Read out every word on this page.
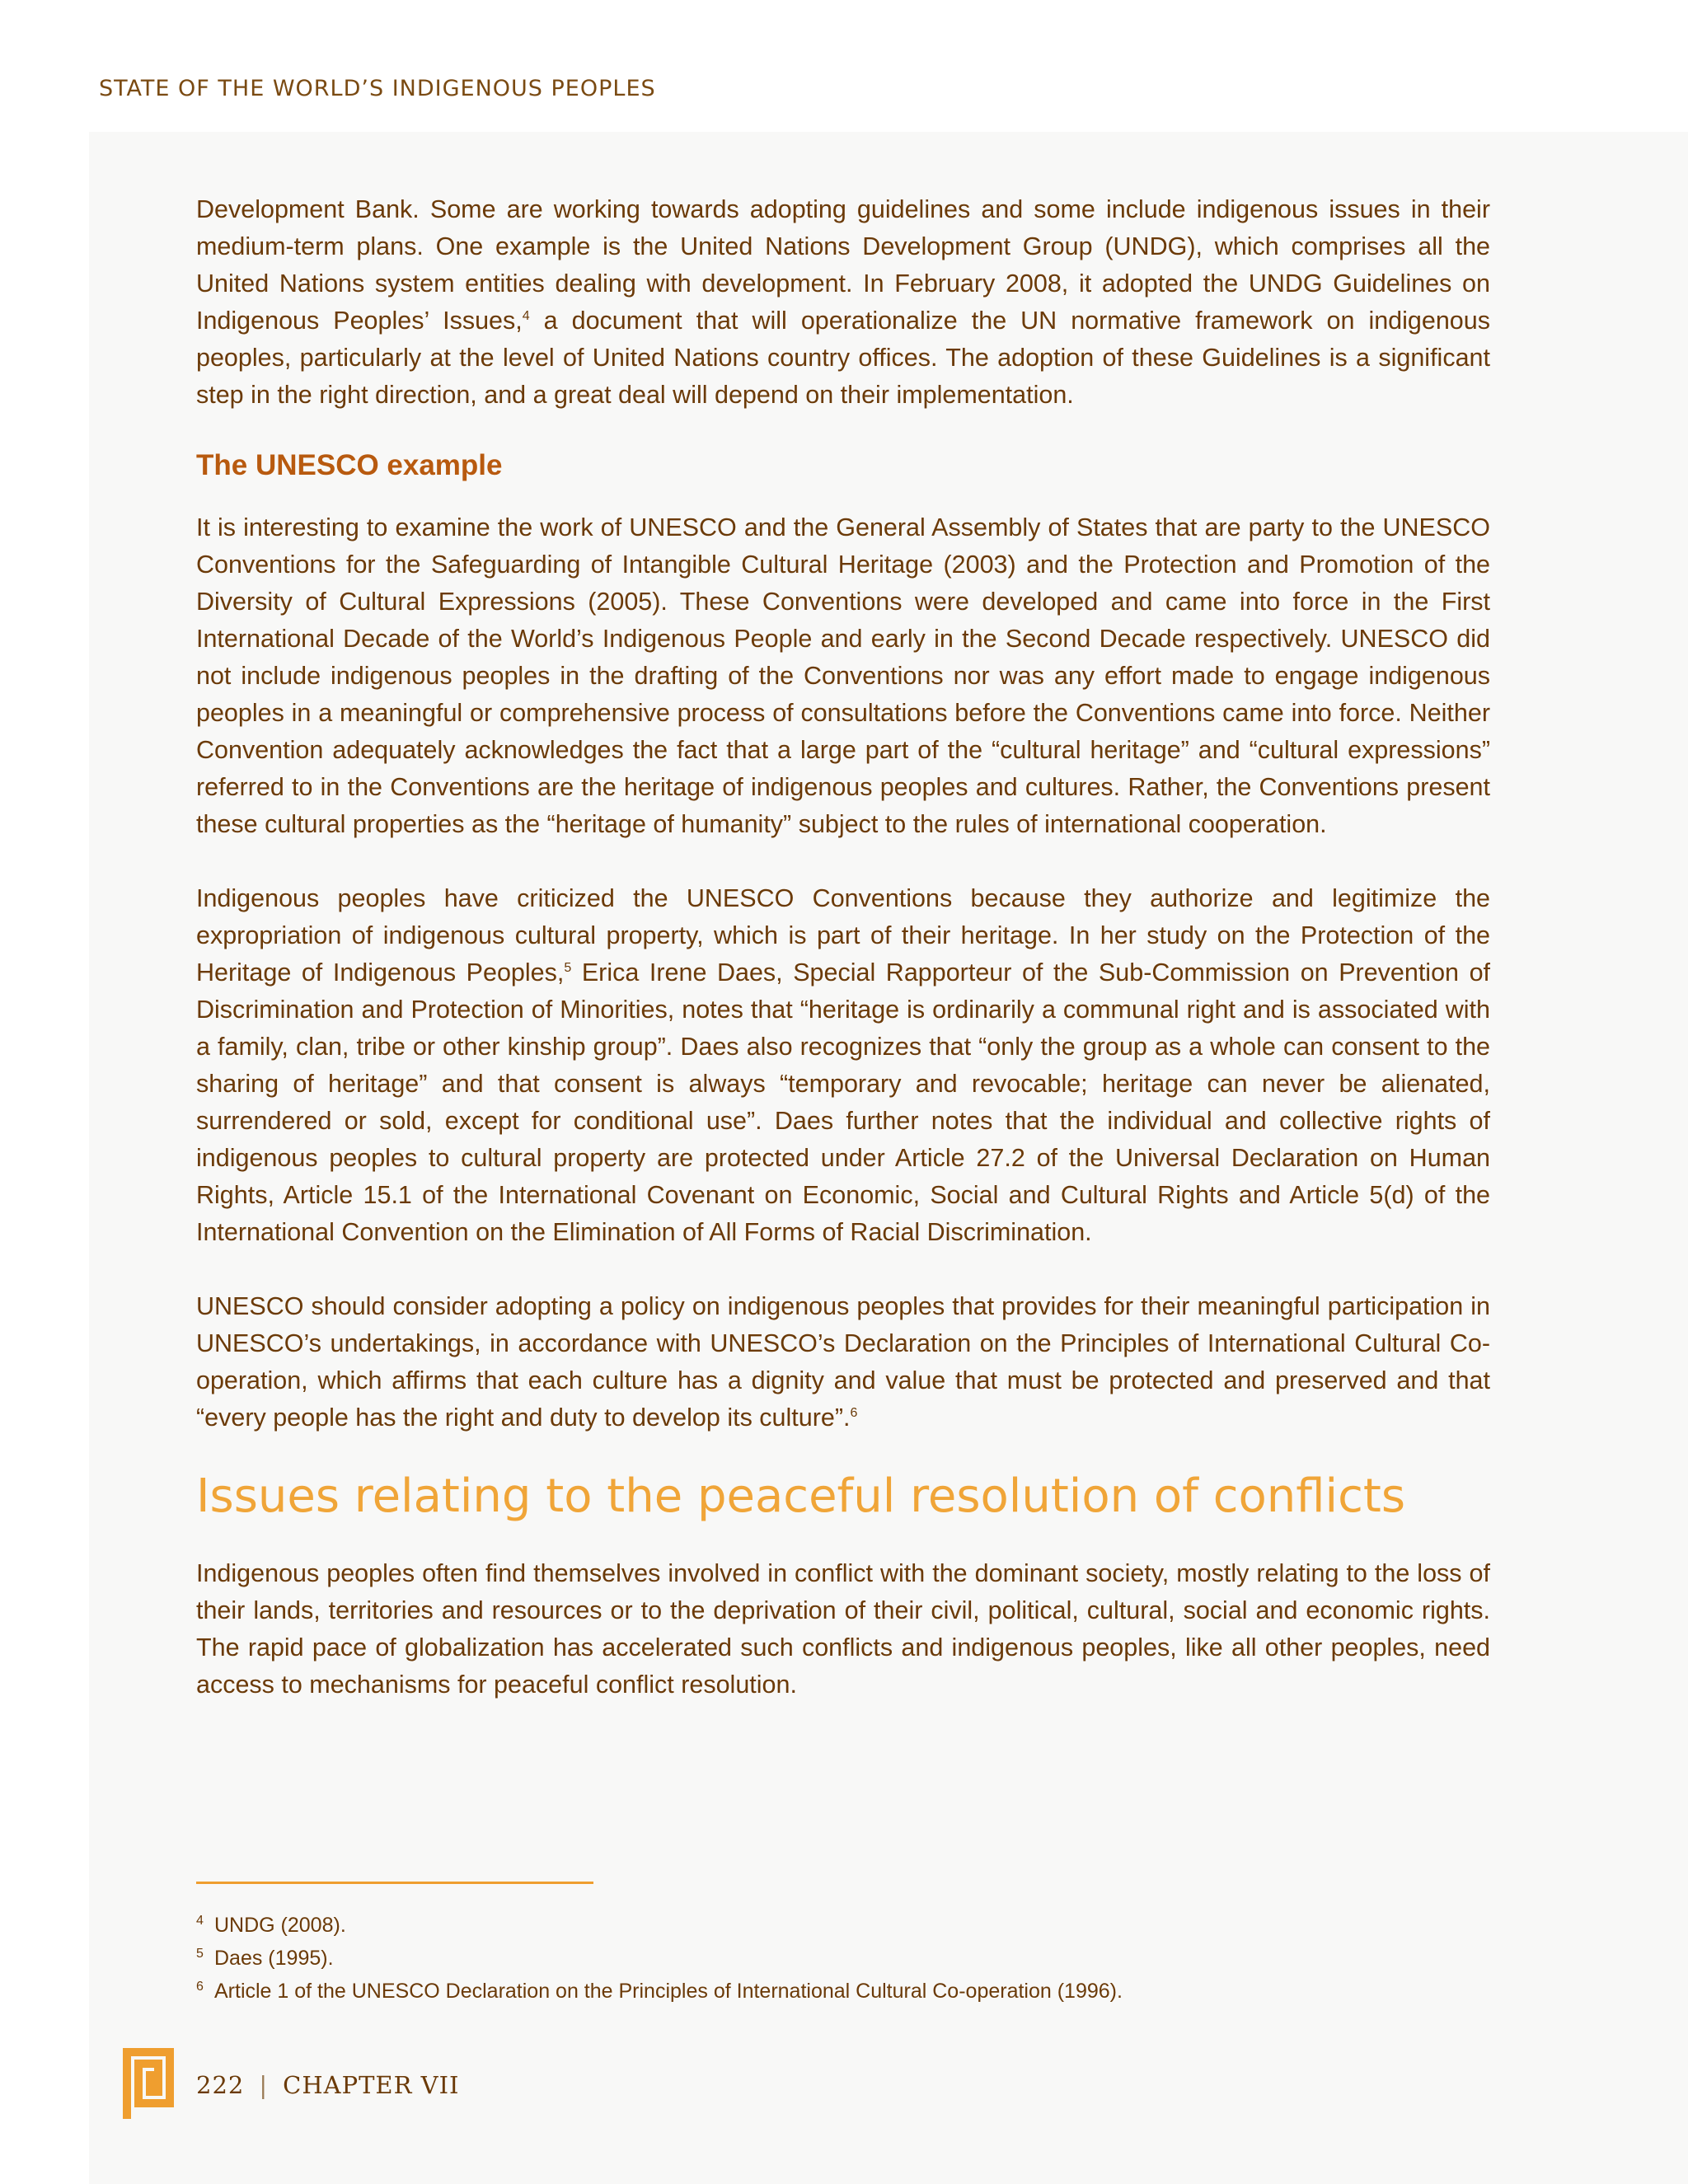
STATE OF THE WORLD’S INDIGENOUS PEOPLES

Development Bank. Some are working towards adopting guidelines and some include indigenous issues in their medium-term plans. One example is the United Nations Development Group (UNDG), which comprises all the United Nations system entities dealing with development. In February 2008, it adopted the UNDG Guidelines on Indigenous Peoples’ Issues,$^4$ a document that will operationalize the UN normative framework on indigenous peoples, particularly at the level of United Nations country offices. The adoption of these Guidelines is a significant step in the right direction, and a great deal will depend on their implementation.

The UNESCO example

It is interesting to examine the work of UNESCO and the General Assembly of States that are party to the UNESCO Conventions for the Safeguarding of Intangible Cultural Heritage (2003) and the Protection and Promotion of the Diversity of Cultural Expressions (2005). These Conventions were developed and came into force in the First International Decade of the World’s Indigenous People and early in the Second Decade respectively. UNESCO did not include indigenous peoples in the drafting of the Conventions nor was any effort made to engage indigenous peoples in a meaningful or comprehensive process of consultations before the Conventions came into force. Neither Convention adequately acknowledges the fact that a large part of the “cultural heritage” and “cultural expressions” referred to in the Conventions are the heritage of indigenous peoples and cultures. Rather, the Conventions present these cultural properties as the “heritage of humanity” subject to the rules of international cooperation.

Indigenous peoples have criticized the UNESCO Conventions because they authorize and legitimize the expropriation of indigenous cultural property, which is part of their heritage. In her study on the Protection of the Heritage of Indigenous Peoples,$^5$ Erica Irene Daes, Special Rapporteur of the Sub-Commission on Prevention of Discrimination and Protection of Minorities, notes that “heritage is ordinarily a communal right and is associated with a family, clan, tribe or other kinship group”. Daes also recognizes that “only the group as a whole can consent to the sharing of heritage” and that consent is always “temporary and revocable; heritage can never be alienated, surrendered or sold, except for conditional use”. Daes further notes that the individual and collective rights of indigenous peoples to cultural property are protected under Article 27.2 of the Universal Declaration on Human Rights, Article 15.1 of the International Covenant on Economic, Social and Cultural Rights and Article 5(d) of the International Convention on the Elimination of All Forms of Racial Discrimination.

UNESCO should consider adopting a policy on indigenous peoples that provides for their meaningful participation in UNESCO’s undertakings, in accordance with UNESCO’s Declaration on the Principles of International Cultural Co-operation, which affirms that each culture has a dignity and value that must be protected and preserved and that “every people has the right and duty to develop its culture”.$^6$

Issues relating to the peaceful resolution of conflicts

Indigenous peoples often find themselves involved in conflict with the dominant society, mostly relating to the loss of their lands, territories and resources or to the deprivation of their civil, political, cultural, social and economic rights. The rapid pace of globalization has accelerated such conflicts and indigenous peoples, like all other peoples, need access to mechanisms for peaceful conflict resolution.

4 UNDG (2008).
5 Daes (1995).
6 Article 1 of the UNESCO Declaration on the Principles of International Cultural Co-operation (1996).
222 | CHAPTER VII
